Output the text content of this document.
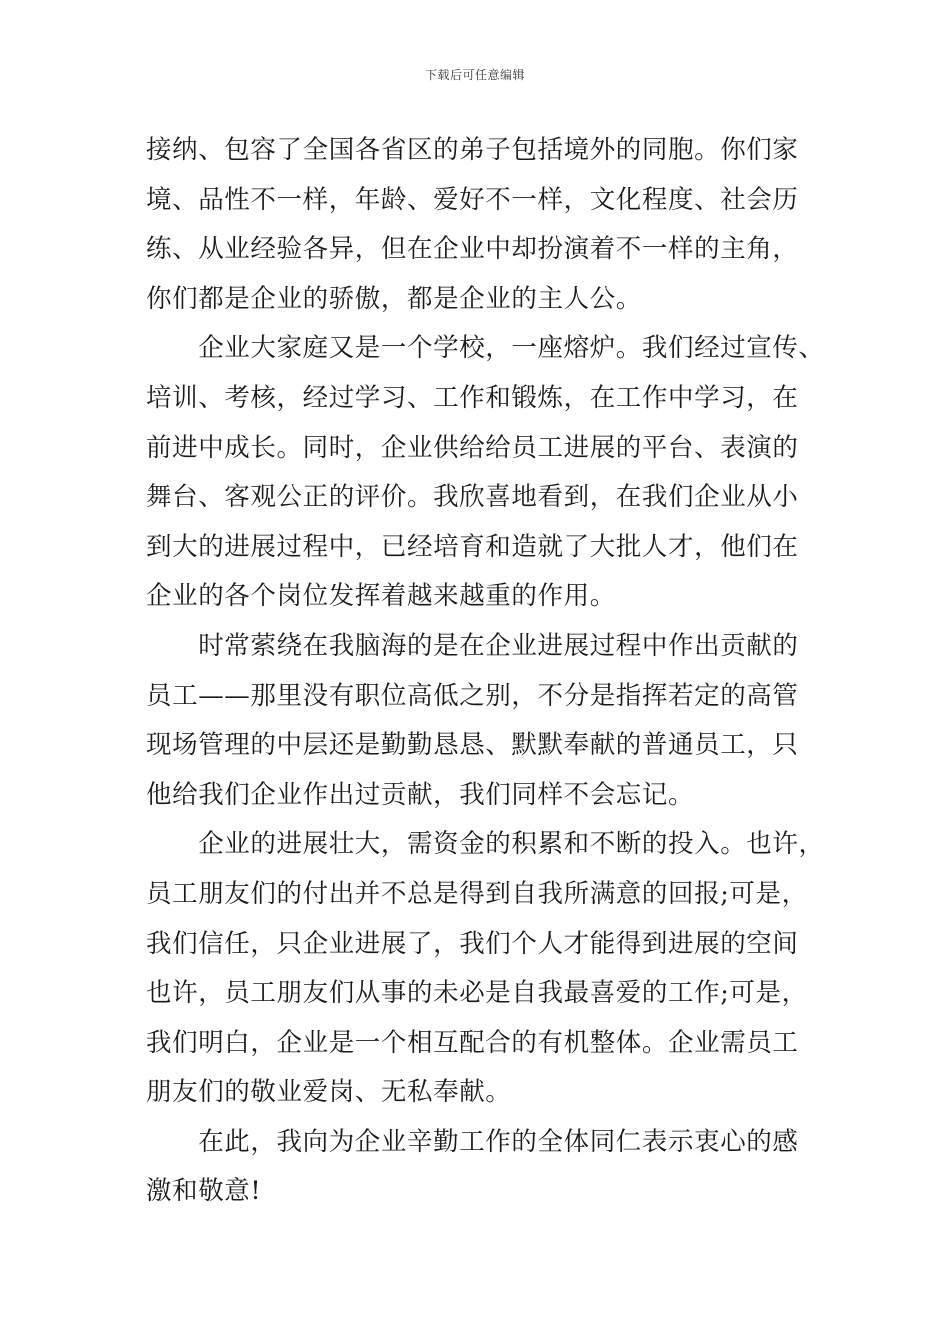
下载后可任意编辑
接纳、包容了全国各省区的弟子包括境外的同胞。你们家
境、品性不一样，年龄、爱好不一样，文化程度、社会历
练、从业经验各异，但在企业中却扮演着不一样的主角，
你们都是企业的骄傲，都是企业的主人公。
　　企业大家庭又是一个学校，一座熔炉。我们经过宣传、
培训、考核，经过学习、工作和锻炼，在工作中学习，在
前进中成长。同时，企业供给给员工进展的平台、表演的
舞台、客观公正的评价。我欣喜地看到，在我们企业从小
到大的进展过程中，已经培育和造就了大批人才，他们在
企业的各个岗位发挥着越来越重的作用。
　　时常萦绕在我脑海的是在企业进展过程中作出贡献的
员工——那里没有职位高低之别，不分是指挥若定的高管
现场管理的中层还是勤勤恳恳、默默奉献的普通员工，只
他给我们企业作出过贡献，我们同样不会忘记。
　　企业的进展壮大，需资金的积累和不断的投入。也许，
员工朋友们的付出并不总是得到自我所满意的回报;可是，
我们信任，只企业进展了，我们个人才能得到进展的空间
也许，员工朋友们从事的未必是自我最喜爱的工作;可是，
我们明白，企业是一个相互配合的有机整体。企业需员工
朋友们的敬业爱岗、无私奉献。
　　在此，我向为企业辛勤工作的全体同仁表示衷心的感
激和敬意!
